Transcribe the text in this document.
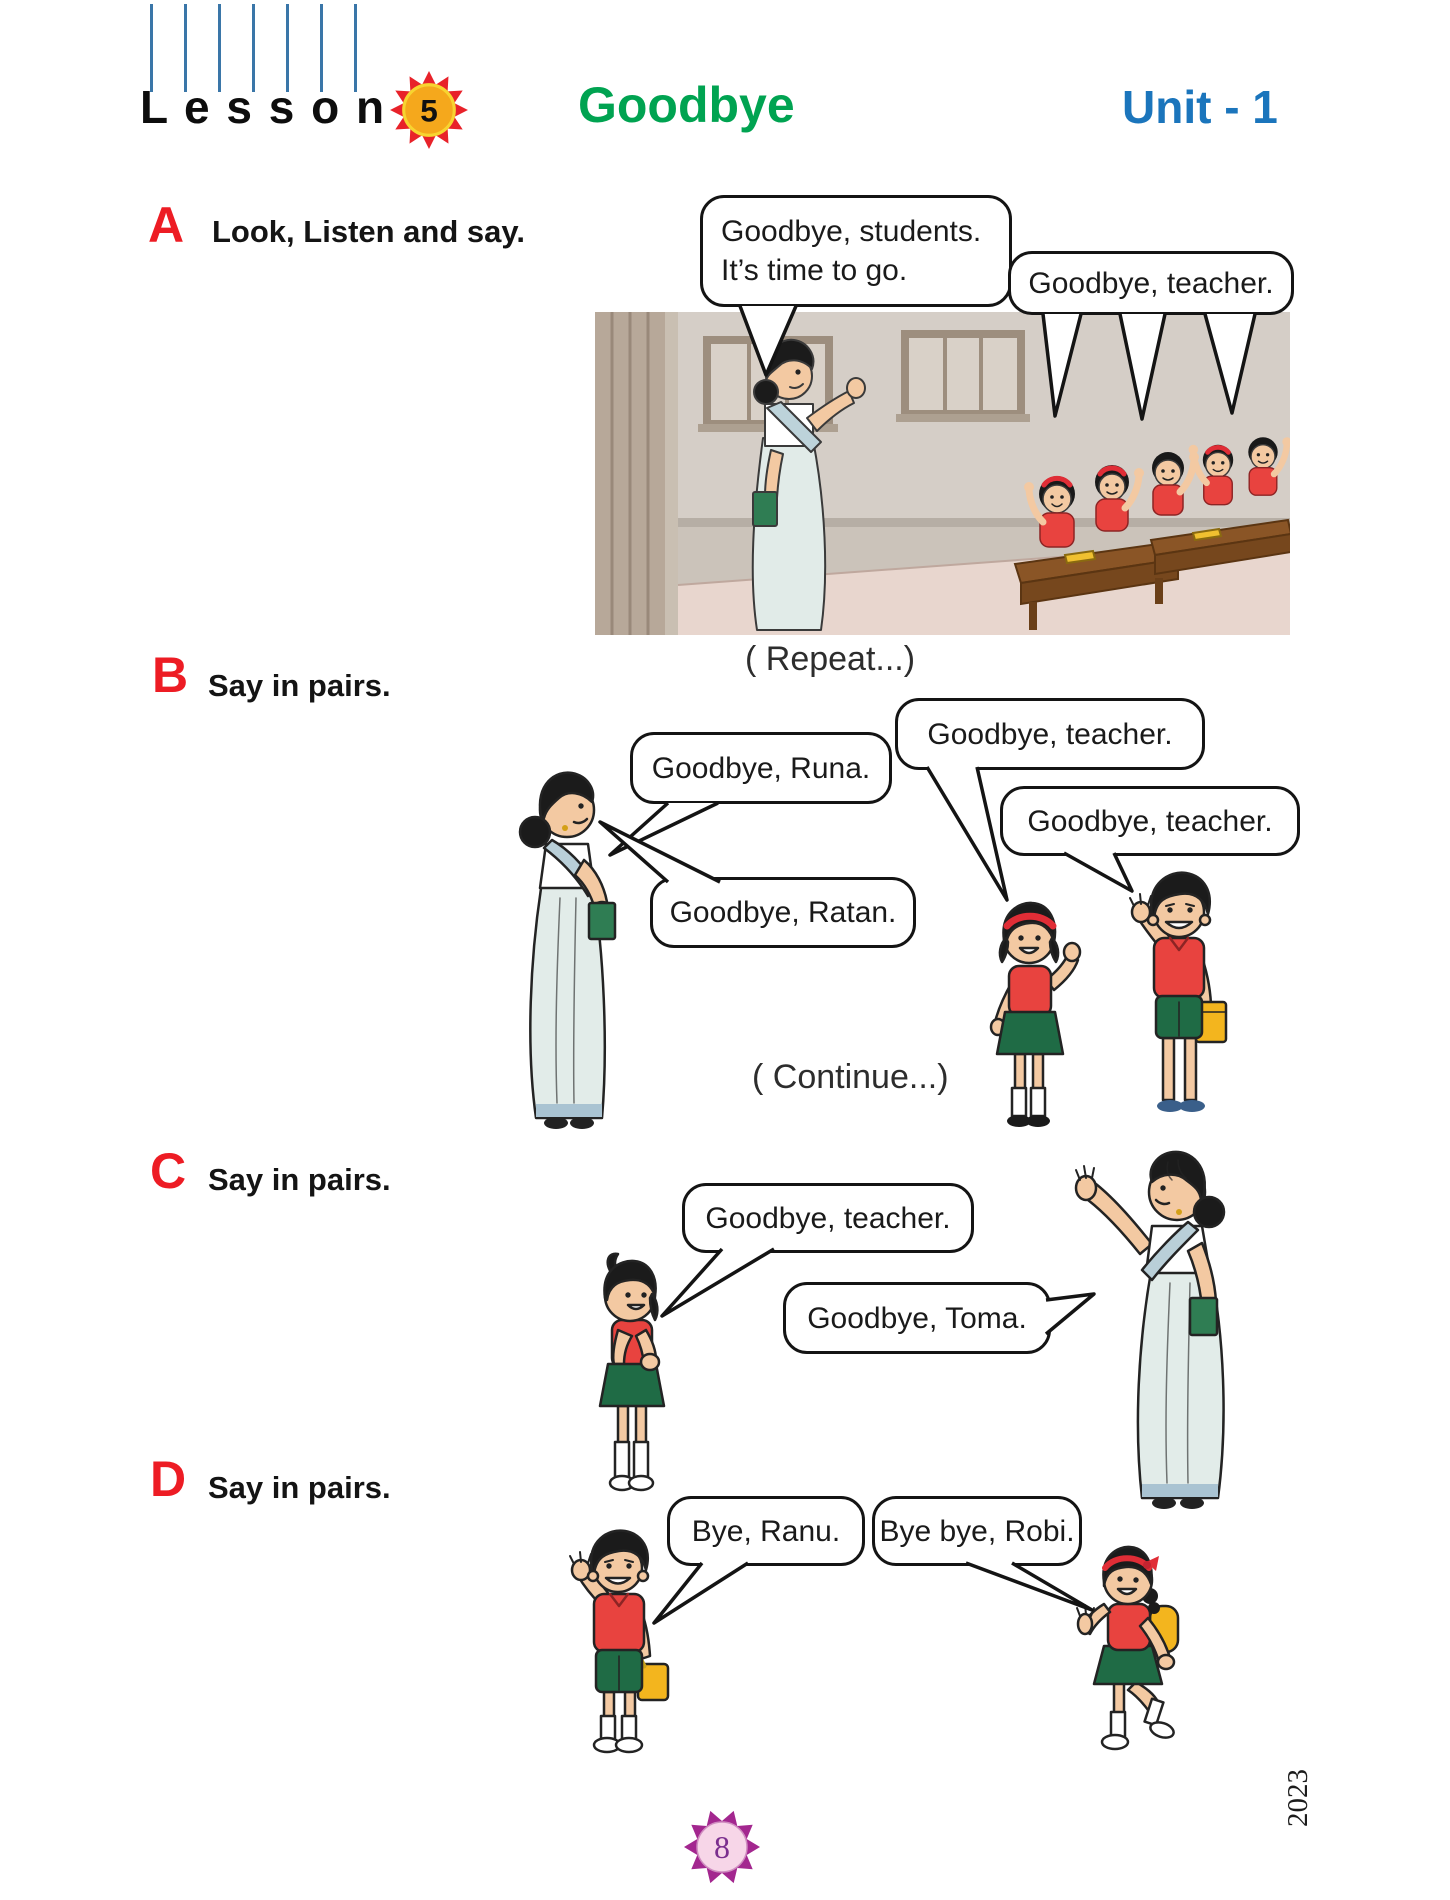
L e s s o n 5	Goodbye	Unit - 1
A Look, Listen and say.
B Say in pairs.
C Say in pairs.
D Say in pairs.
( Repeat...)
( Continue...)
Goodbye, students.
It’s time to go.	Goodbye, teacher.
Goodbye, Runa.
Goodbye, Ratan.
Goodbye, teacher.
Goodbye, teacher.
Goodbye, teacher.
Goodbye, Toma.
Bye, Ranu. Bye bye, Robi.
2023
8
